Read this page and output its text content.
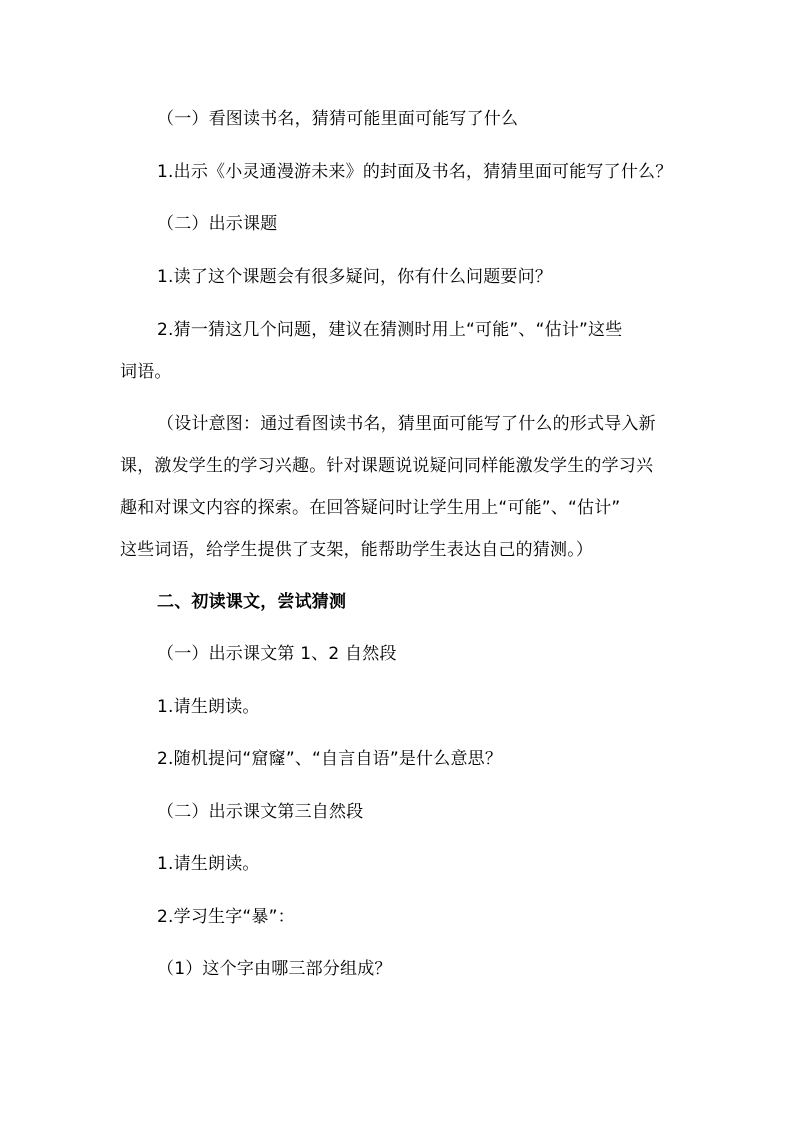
（一）看图读书名，猜猜可能里面可能写了什么
1.出示《小灵通漫游未来》的封面及书名，猜猜里面可能写了什么？
（二）出示课题
1.读了这个课题会有很多疑问，你有什么问题要问？
2.猜一猜这几个问题，建议在猜测时用上“可能”、“估计”这些
词语。
（设计意图：通过看图读书名，猜里面可能写了什么的形式导入新
课，激发学生的学习兴趣。针对课题说说疑问同样能激发学生的学习兴
趣和对课文内容的探索。在回答疑问时让学生用上“可能”、“估计”
这些词语，给学生提供了支架，能帮助学生表达自己的猜测。）
二、初读课文，尝试猜测
（一）出示课文第 1、2 自然段
1.请生朗读。
2.随机提问“窟窿”、“自言自语”是什么意思？
（二）出示课文第三自然段
1.请生朗读。
2.学习生字“暴”：
（1）这个字由哪三部分组成？
